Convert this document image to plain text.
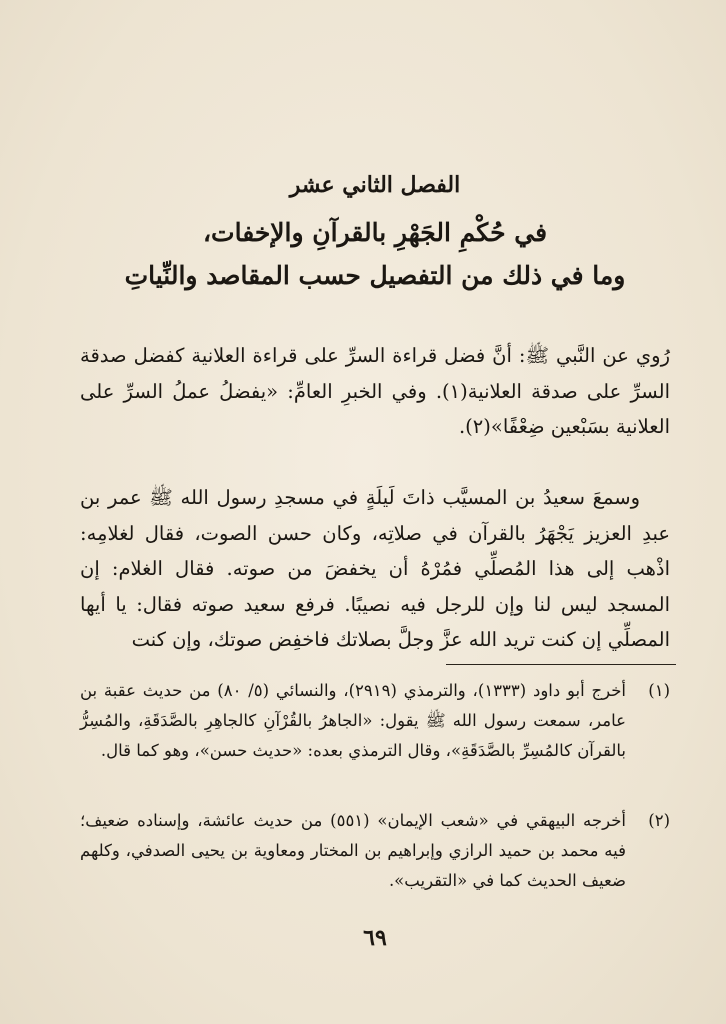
الفصل الثاني عشر
في حُكْمِ الجَهْرِ بالقرآنِ والإخفات،
وما في ذلك من التفصيل حسب المقاصد والنِّياتِ
رُوي عن النَّبي ﷺ: أنَّ فضل قراءة السرِّ على قراءة العلانية كفضل صدقة السرِّ على صدقة العلانية(١). وفي الخبرِ العامِّ: «يفضلُ عملُ السرِّ على العلانية بسَبْعين ضِعْفًا»(٢).
وسمعَ سعيدُ بن المسيَّب ذاتَ لَيلَةٍ في مسجدِ رسول الله ﷺ عمر بن عبدِ العزيز يَجْهَرُ بالقرآن في صلاتِه، وكان حسن الصوت، فقال لغلامِه: اذْهب إلى هذا المُصلِّي فمُرْهُ أن يخفضَ من صوته. فقال الغلام: إن المسجد ليس لنا وإن للرجل فيه نصيبًا. فرفع سعيد صوته فقال: يا أيها المصلِّي إن كنت تريد الله عزَّ وجلَّ بصلاتك فاخفِض صوتك، وإن كنت
(١)
أخرج أبو داود (١٣٣٣)، والترمذي (٢٩١٩)، والنسائي (٥/ ٨٠) من حديث عقبة بن عامر، سمعت رسول الله ﷺ يقول: «الجاهرُ بالقُرْآنِ كالجاهِرِ بالصَّدَقَةِ، والمُسِرُّ بالقرآن كالمُسِرِّ بالصَّدَقَةِ»، وقال الترمذي بعده: «حديث حسن»، وهو كما قال.
(٢)
أخرجه البيهقي في «شعب الإيمان» (٥٥١) من حديث عائشة، وإسناده ضعيف؛ فيه محمد بن حميد الرازي وإبراهيم بن المختار ومعاوية بن يحيى الصدفي، وكلهم ضعيف الحديث كما في «التقريب».
٦٩
